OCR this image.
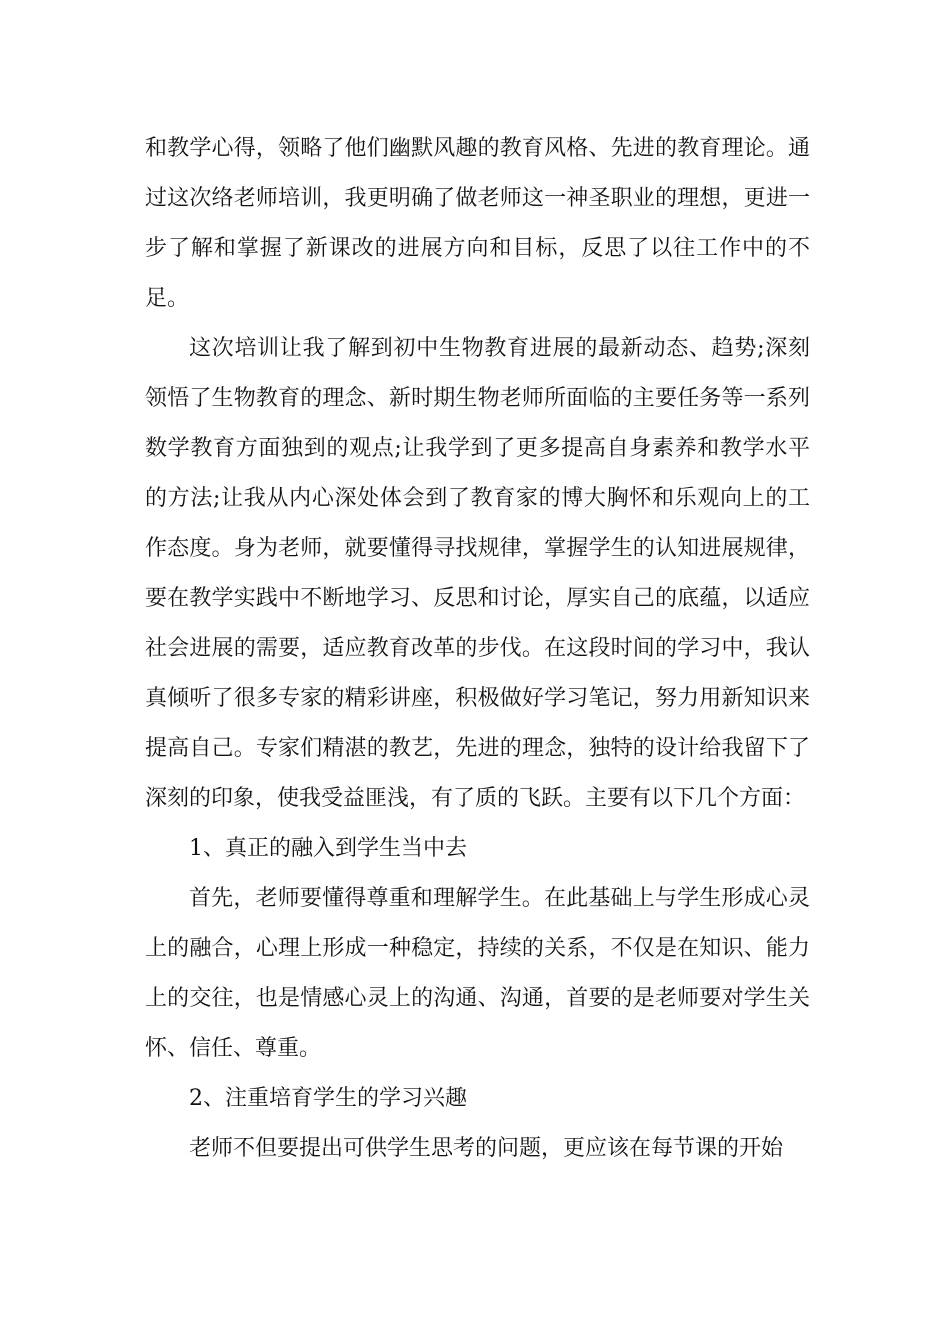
和教学心得，领略了他们幽默风趣的教育风格、先进的教育理论。通过这次络老师培训，我更明确了做老师这一神圣职业的理想，更进一步了解和掌握了新课改的进展方向和目标，反思了以往工作中的不足。

这次培训让我了解到初中生物教育进展的最新动态、趋势;深刻领悟了生物教育的理念、新时期生物老师所面临的主要任务等一系列数学教育方面独到的观点;让我学到了更多提高自身素养和教学水平的方法;让我从内心深处体会到了教育家的博大胸怀和乐观向上的工作态度。身为老师，就要懂得寻找规律，掌握学生的认知进展规律，要在教学实践中不断地学习、反思和讨论，厚实自己的底蕴，以适应社会进展的需要，适应教育改革的步伐。在这段时间的学习中，我认真倾听了很多专家的精彩讲座，积极做好学习笔记，努力用新知识来提高自己。专家们精湛的教艺，先进的理念，独特的设计给我留下了深刻的印象，使我受益匪浅，有了质的飞跃。主要有以下几个方面：

1、真正的融入到学生当中去

首先，老师要懂得尊重和理解学生。在此基础上与学生形成心灵上的融合，心理上形成一种稳定，持续的关系，不仅是在知识、能力上的交往，也是情感心灵上的沟通、沟通，首要的是老师要对学生关怀、信任、尊重。

2、注重培育学生的学习兴趣

老师不但要提出可供学生思考的问题，更应该在每节课的开始
